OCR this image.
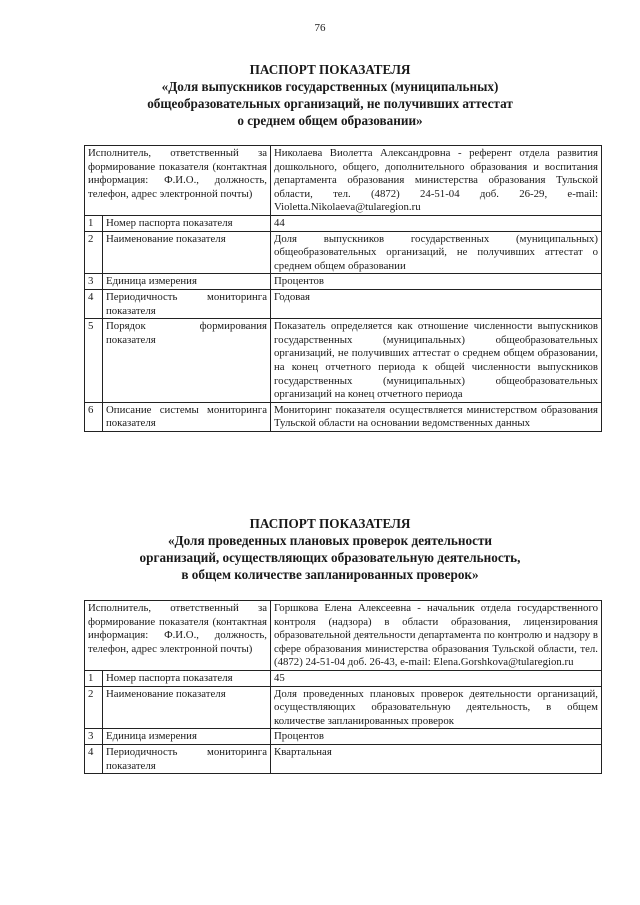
76
ПАСПОРТ ПОКАЗАТЕЛЯ
«Доля выпускников государственных (муниципальных)
общеобразовательных организаций, не получивших аттестат
о среднем общем образовании»
Исполнитель, ответственный за формирование показателя (контактная информация: Ф.И.О., должность, телефон, адрес электронной почты)		Николаева Виолетта Александровна - референт отдела развития дошкольного, общего, дополнительного образования и воспитания департамента образования министерства образования Тульской области, тел. (4872) 24-51-04 доб. 26-29, e-mail: Violetta.Nikolaeva@tularegion.ru
1	Номер паспорта показателя	44
2	Наименование показателя	Доля выпускников государственных (муниципальных) общеобразовательных организаций, не получивших аттестат о среднем общем образовании
3	Единица измерения	Процентов
4	Периодичность мониторинга показателя	Годовая
5	Порядок формирования показателя	Показатель определяется как отношение численности выпускников государственных (муниципальных) общеобразовательных организаций, не получивших аттестат о среднем общем образовании, на конец отчетного периода к общей численности выпускников государственных (муниципальных) общеобразовательных организаций на конец отчетного периода
6	Описание системы мониторинга показателя	Мониторинг показателя осуществляется министерством образования Тульской области на основании ведомственных данных
ПАСПОРТ ПОКАЗАТЕЛЯ
«Доля проведенных плановых проверок деятельности
организаций, осуществляющих образовательную деятельность,
в общем количестве запланированных проверок»
Исполнитель, ответственный за формирование показателя (контактная информация: Ф.И.О., должность, телефон, адрес электронной почты)		Горшкова Елена Алексеевна - начальник отдела государственного контроля (надзора) в области образования, лицензирования образовательной деятельности департамента по контролю и надзору в сфере образования министерства образования Тульской области, тел. (4872) 24-51-04 доб. 26-43, e-mail: Elena.Gorshkova@tularegion.ru
1	Номер паспорта показателя	45
2	Наименование показателя	Доля проведенных плановых проверок деятельности организаций, осуществляющих образовательную деятельность, в общем количестве запланированных проверок
3	Единица измерения	Процентов
4	Периодичность мониторинга показателя	Квартальная
